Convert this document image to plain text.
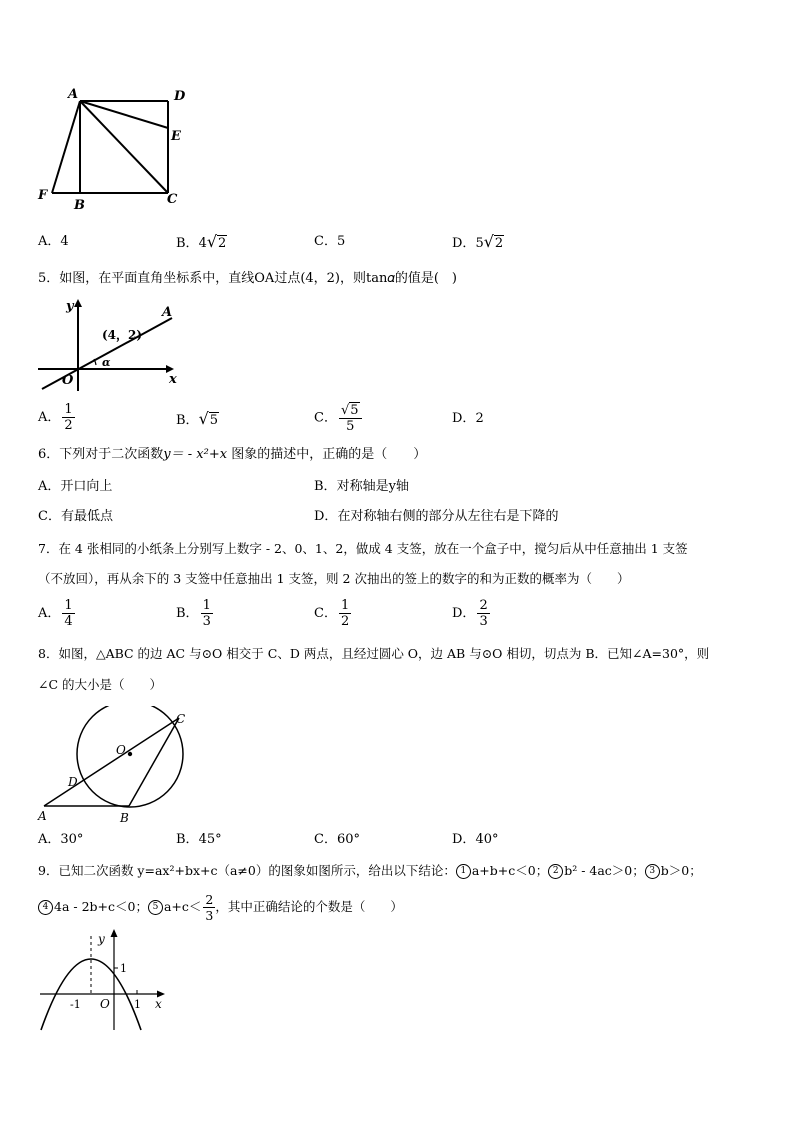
A	D
E
F
B	C
A．4	B．4 √ 2	C．5	D．5 √ 2
5．如图，在平面直角坐标系中，直线OA过点(4，2)，则tan𝛼的值是(　)
y
x
O
A
(4，2)
α
A． $\frac{1}{2}$	B． √ 5	C． $\frac{√ 5}{5}$	D．2
6．下列对于二次函数y＝ - x²+x 图象的描述中，正确的是（　　）
A．开口向上	B．对称轴是y轴
C．有最低点	D．在对称轴右侧的部分从左往右是下降的
7．在 4 张相同的小纸条上分别写上数字 - 2、0、1、2，做成 4 支签，放在一个盒子中，搅匀后从中任意抽出 1 支签
（不放回），再从余下的 3 支签中任意抽出 1 支签，则 2 次抽出的签上的数字的和为正数的概率为（　　）
A． $\frac{1}{4}$	B． $\frac{1}{3}$	C． $\frac{1}{2}$	D． $\frac{2}{3}$
8．如图，△ABC 的边 AC 与⊙O 相交于 C、D 两点，且经过圆心 O，边 AB 与⊙O 相切，切点为 B．已知∠A=30°，则
∠C 的大小是（　　）
C
O
D
A	B
A．30°	B．45°	C．60°	D．40°
9．已知二次函数 y=ax²+bx+c（a≠0）的图象如图所示，给出以下结论： 1 a+b+c＜0； 2 b² - 4ac＞0； 3 b＞0；
4 4a - 2b+c＜0； 5 $a+c< \frac{2}{3}$ ，其中正确结论的个数是（　　）
y
x
O
-1	1
1
